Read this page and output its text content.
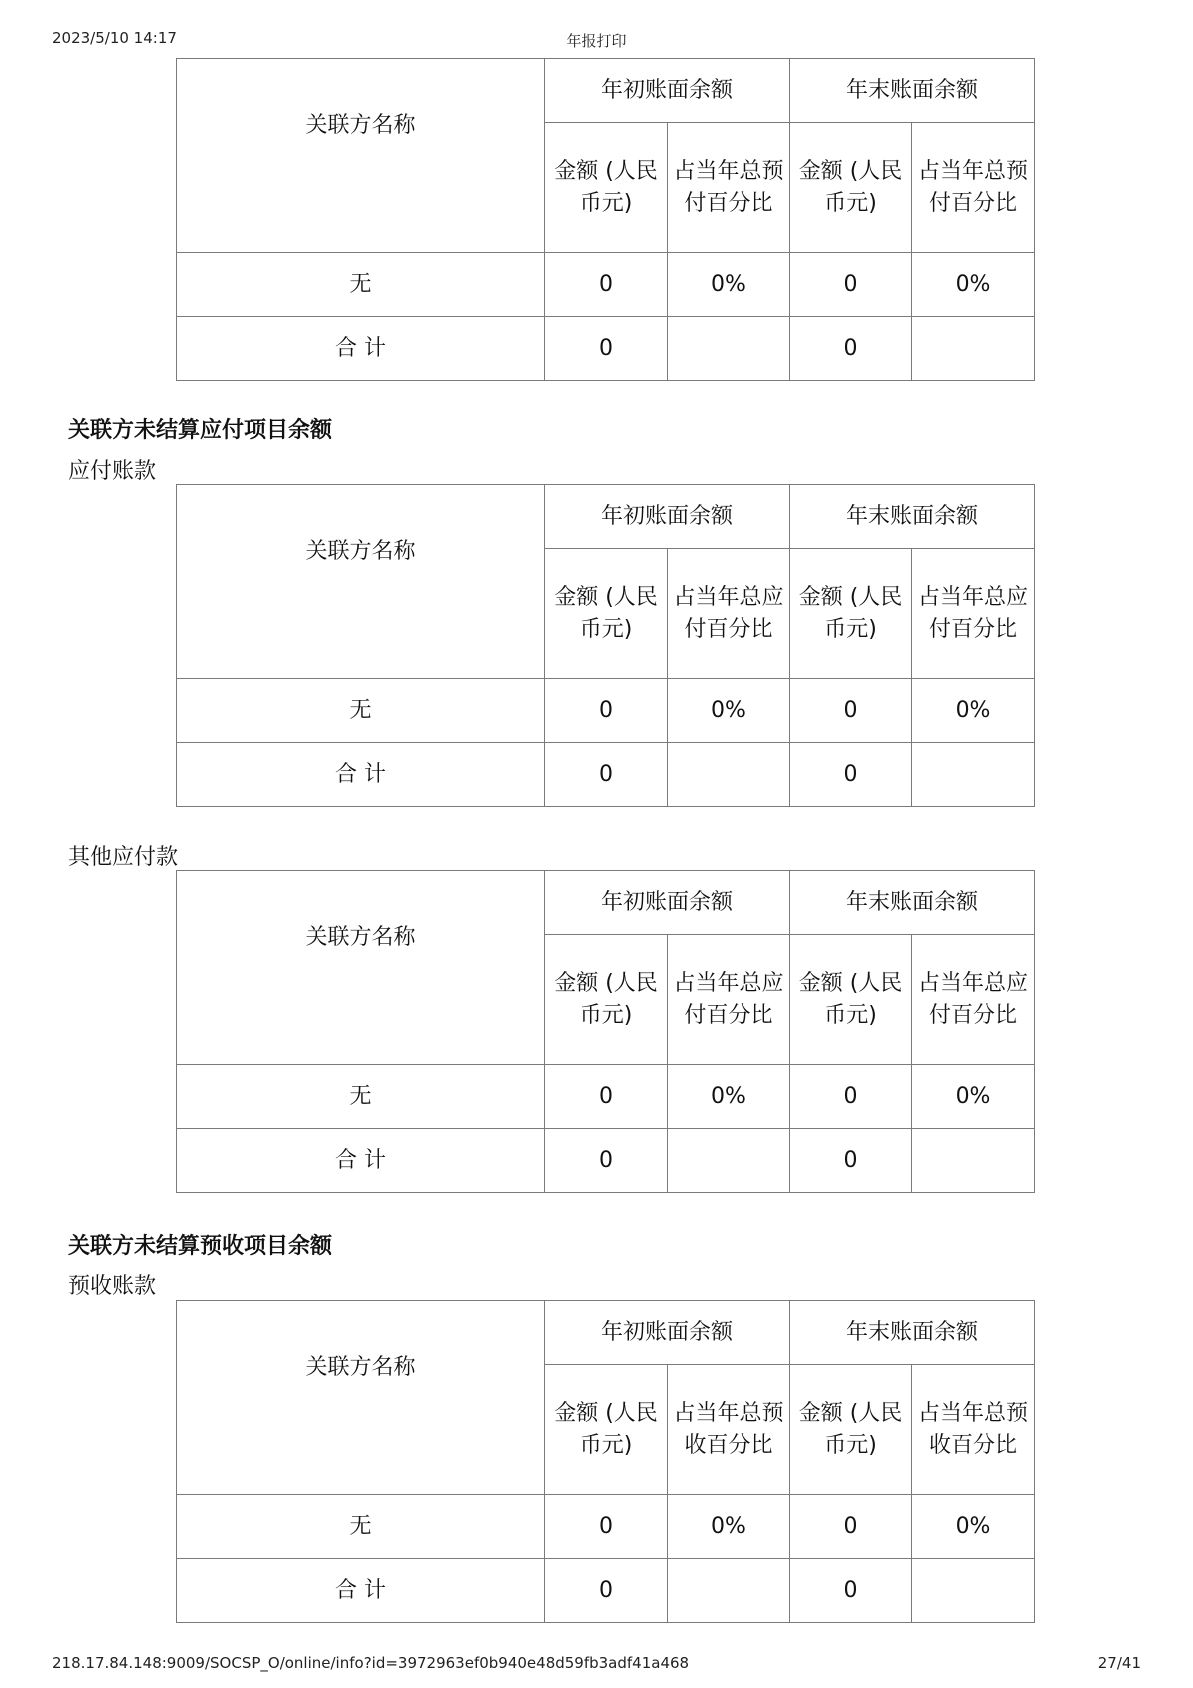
2023/5/10 14:17	年报打印
关联方名称	年初账面余额		年末账面余额	
	金额 (人民币元)	占当年总预付百分比	金额 (人民币元)	占当年总预付百分比
无	0	0%	0	0%
合 计	0		0	
关联方未结算应付项目余额
应付账款
关联方名称	年初账面余额		年末账面余额	
	金额 (人民币元)	占当年总应付百分比	金额 (人民币元)	占当年总应付百分比
无	0	0%	0	0%
合 计	0		0	
其他应付款
关联方名称	年初账面余额		年末账面余额	
	金额 (人民币元)	占当年总应付百分比	金额 (人民币元)	占当年总应付百分比
无	0	0%	0	0%
合 计	0		0	
关联方未结算预收项目余额
预收账款
关联方名称	年初账面余额		年末账面余额	
	金额 (人民币元)	占当年总预收百分比	金额 (人民币元)	占当年总预收百分比
无	0	0%	0	0%
合 计	0		0	
218.17.84.148:9009/SOCSP_O/online/info?id=3972963ef0b940e48d59fb3adf41a468	27/41
